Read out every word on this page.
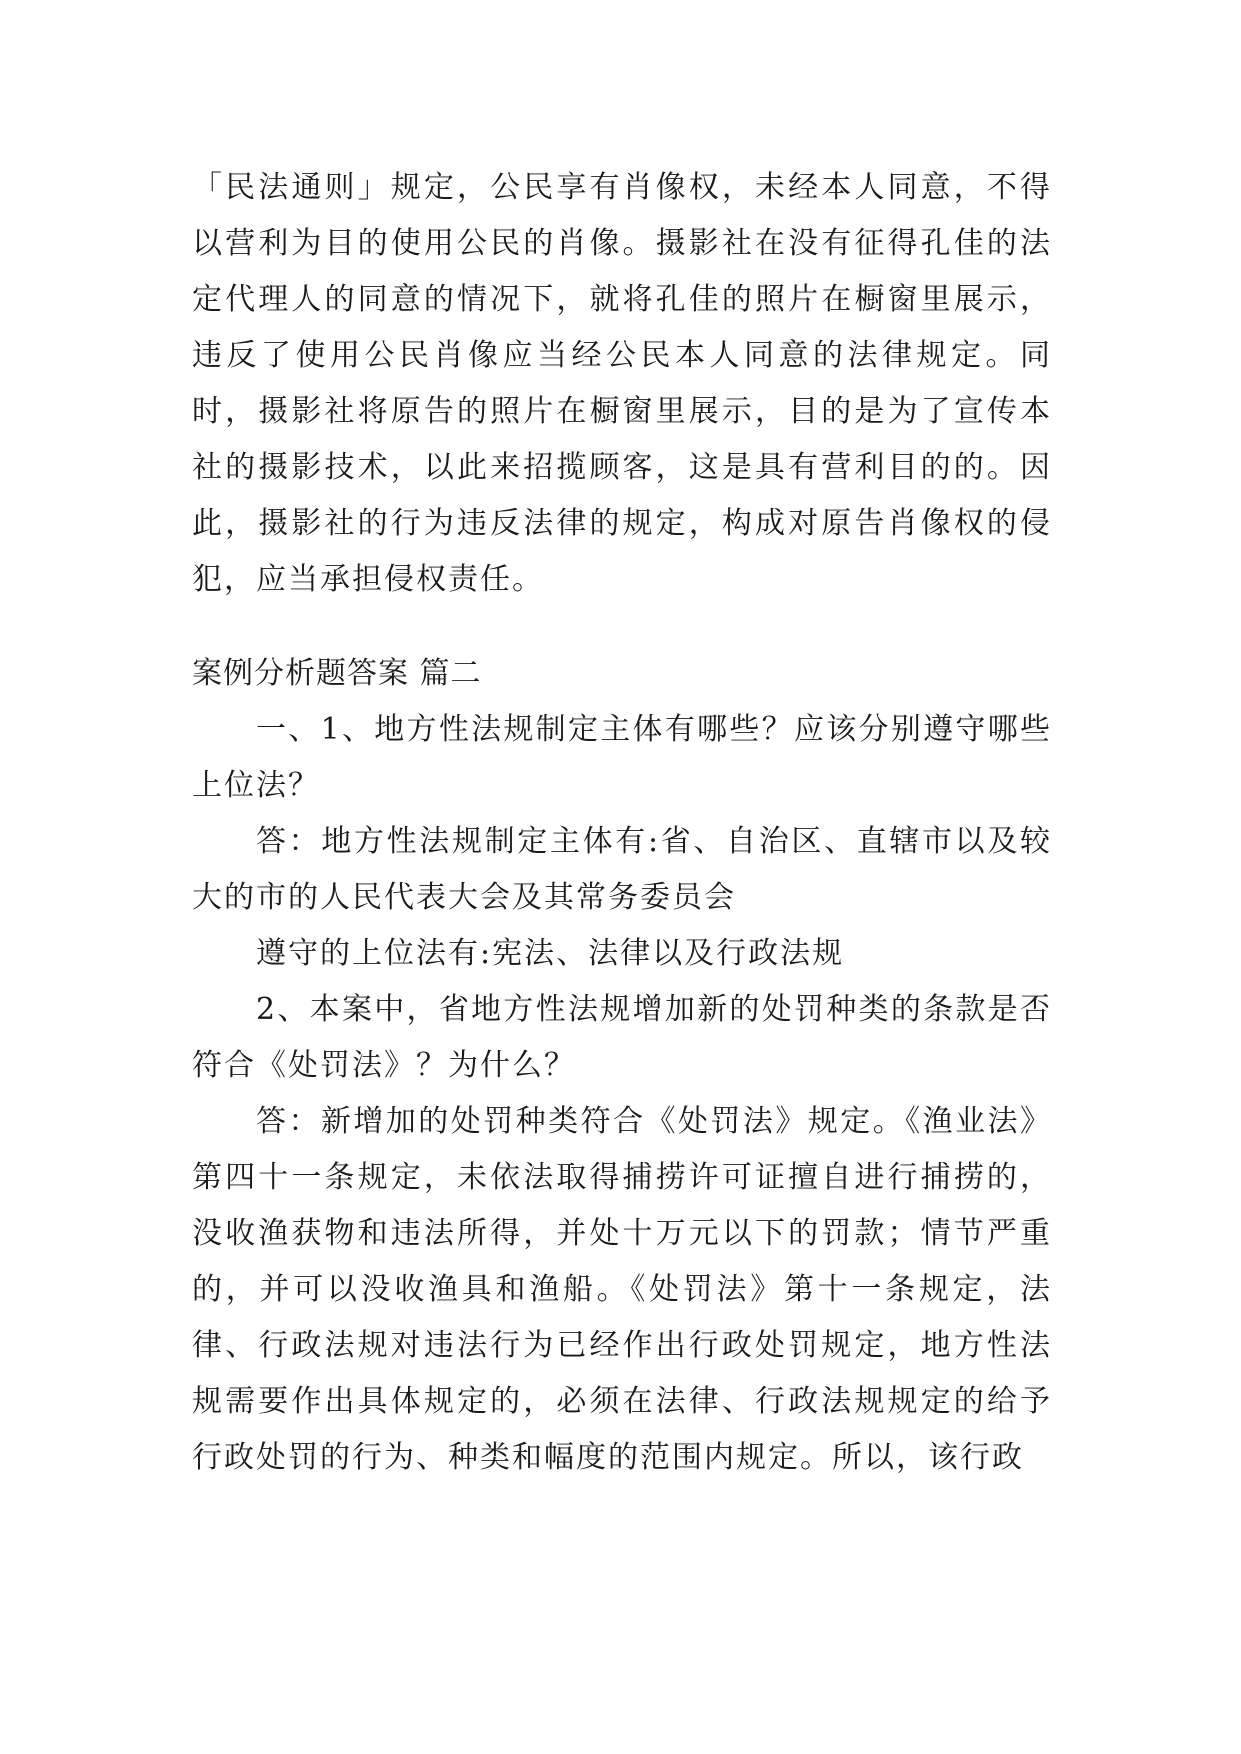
「民法通则」规定，公民享有肖像权，未经本人同意，不得以营利为目的使用公民的肖像。摄影社在没有征得孔佳的法定代理人的同意的情况下，就将孔佳的照片在橱窗里展示，违反了使用公民肖像应当经公民本人同意的法律规定。同时，摄影社将原告的照片在橱窗里展示，目的是为了宣传本社的摄影技术，以此来招揽顾客，这是具有营利目的的。因此，摄影社的行为违反法律的规定，构成对原告肖像权的侵犯，应当承担侵权责任。

案例分析题答案 篇二

一、1、地方性法规制定主体有哪些？应该分别遵守哪些上位法？

答：地方性法规制定主体有:省、自治区、直辖市以及较大的市的人民代表大会及其常务委员会

遵守的上位法有:宪法、法律以及行政法规

2、本案中，省地方性法规增加新的处罚种类的条款是否符合《处罚法》？为什么？

答：新增加的处罚种类符合《处罚法》规定。《渔业法》第四十一条规定，未依法取得捕捞许可证擅自进行捕捞的，没收渔获物和违法所得，并处十万元以下的罚款；情节严重的，并可以没收渔具和渔船。《处罚法》第十一条规定，法律、行政法规对违法行为已经作出行政处罚规定，地方性法规需要作出具体规定的，必须在法律、行政法规规定的给予行政处罚的行为、种类和幅度的范围内规定。所以，该行政
